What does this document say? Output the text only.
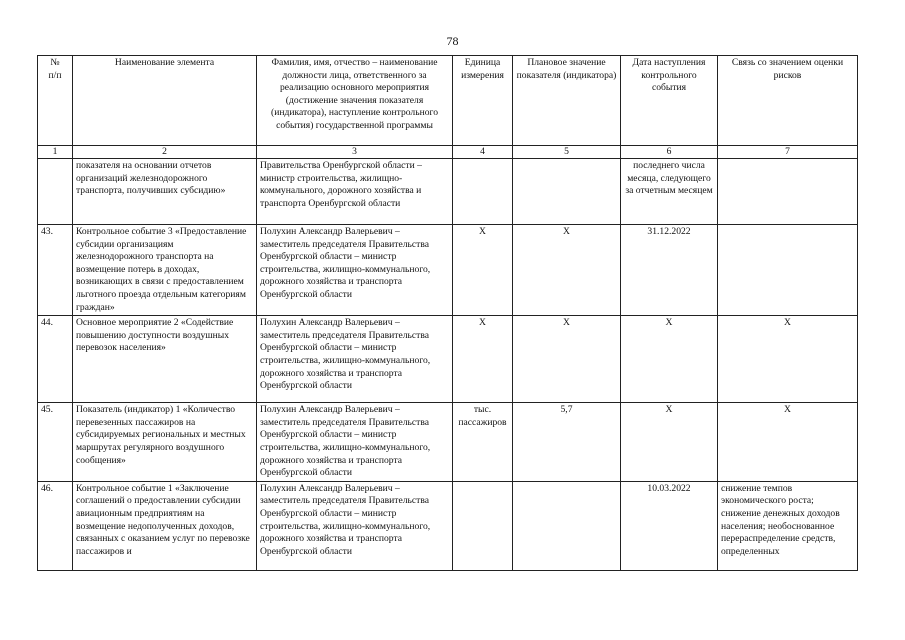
78
№
п/п	Наименование элемента	Фамилия, имя, отчество – наименование должности лица, ответственного за реализацию основного мероприятия (достижение значения показателя (индикатора), наступление контрольного события) государственной программы	Единица измерения	Плановое значение показателя (индикатора)	Дата наступления контрольного события	Связь со значением оценки рисков
1	2	3	4	5	6	7
	показателя на основании отчетов организаций железнодорожного транспорта, получивших субсидию»	Правительства Оренбургской области – министр строительства, жилищно-коммунального, дорожного хозяйства и транспорта Оренбургской области			последнего числа месяца, следующего за отчетным месяцем	
43.	Контрольное событие 3 «Предоставление субсидии организациям железнодорожного транспорта на возмещение потерь в доходах, возникающих в связи с предоставлением льготного проезда отдельным категориям граждан»	Полухин Александр Валерьевич – заместитель председателя Правительства Оренбургской области – министр строительства, жилищно-коммунального, дорожного хозяйства и транспорта Оренбургской области	Х	Х	31.12.2022	
44.	Основное мероприятие 2 «Содействие повышению доступности воздушных перевозок населения»	Полухин Александр Валерьевич – заместитель председателя Правительства Оренбургской области – министр строительства, жилищно-коммунального, дорожного хозяйства и транспорта Оренбургской области	Х	Х	Х	Х
45.	Показатель (индикатор) 1 «Количество перевезенных пассажиров на субсидируемых региональных и местных маршрутах регулярного воздушного сообщения»	Полухин Александр Валерьевич – заместитель председателя Правительства Оренбургской области – министр строительства, жилищно-коммунального, дорожного хозяйства и транспорта Оренбургской области	тыс. пассажиров	5,7	Х	Х
46.	Контрольное событие 1 «Заключение соглашений о предоставлении субсидии авиационным предприятиям на возмещение недополученных доходов, связанных с оказанием услуг по перевозке пассажиров и	Полухин Александр Валерьевич – заместитель председателя Правительства Оренбургской области – министр строительства, жилищно-коммунального, дорожного хозяйства и транспорта Оренбургской области			10.03.2022	снижение темпов экономического роста; снижение денежных доходов населения; необоснованное перераспределение средств, определенных
